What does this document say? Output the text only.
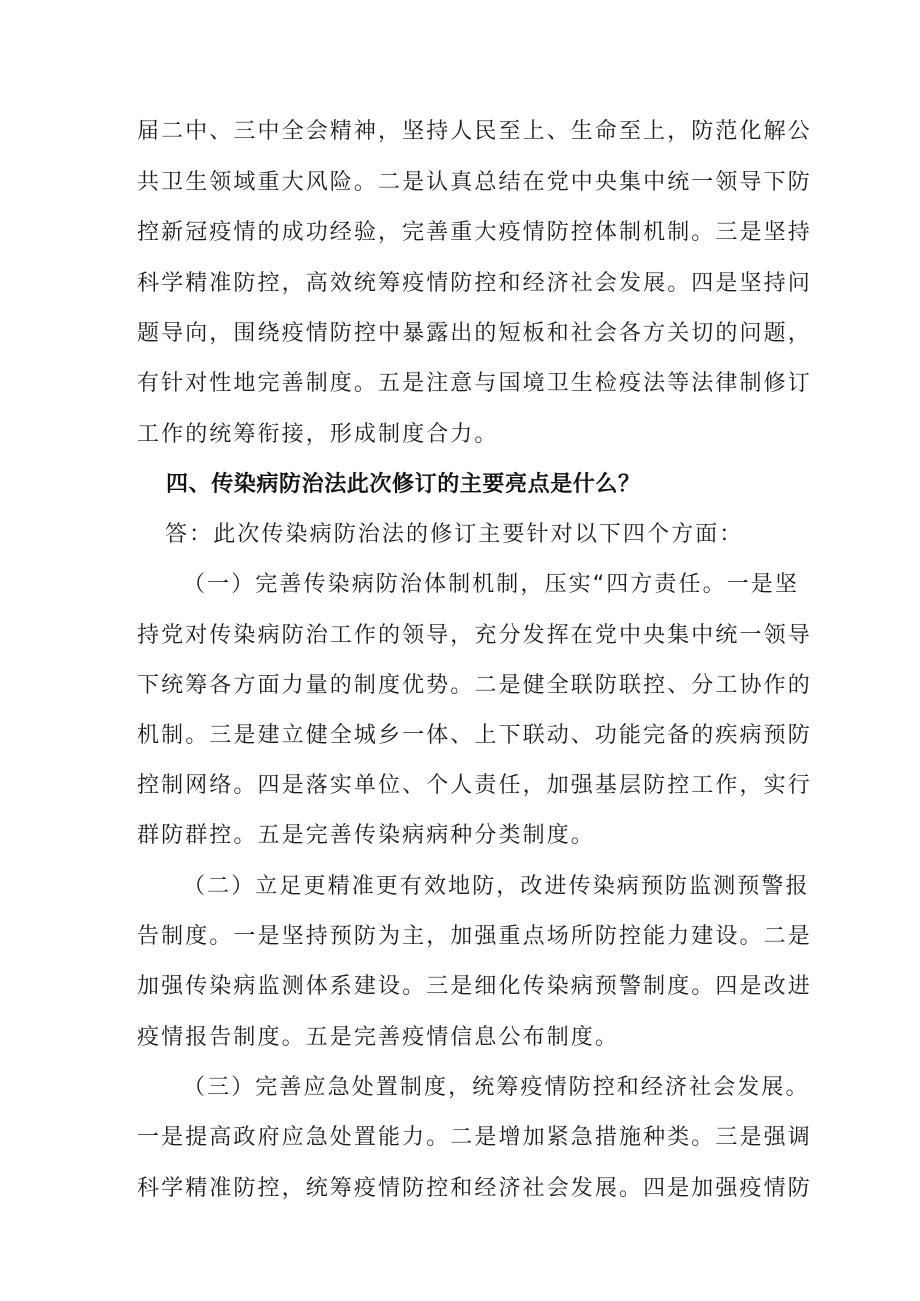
届二中、三中全会精神，坚持人民至上、生命至上，防范化解公

共卫生领域重大风险。二是认真总结在党中央集中统一领导下防

控新冠疫情的成功经验，完善重大疫情防控体制机制。三是坚持

科学精准防控，高效统筹疫情防控和经济社会发展。四是坚持问

题导向，围绕疫情防控中暴露出的短板和社会各方关切的问题，

有针对性地完善制度。五是注意与国境卫生检疫法等法律制修订

工作的统筹衔接，形成制度合力。

四、传染病防治法此次修订的主要亮点是什么？

答：此次传染病防治法的修订主要针对以下四个方面：

（一）完善传染病防治体制机制，压实“四方责任。一是坚

持党对传染病防治工作的领导，充分发挥在党中央集中统一领导

下统筹各方面力量的制度优势。二是健全联防联控、分工协作的

机制。三是建立健全城乡一体、上下联动、功能完备的疾病预防

控制网络。四是落实单位、个人责任，加强基层防控工作，实行

群防群控。五是完善传染病病种分类制度。

（二）立足更精准更有效地防，改进传染病预防监测预警报

告制度。一是坚持预防为主，加强重点场所防控能力建设。二是

加强传染病监测体系建设。三是细化传染病预警制度。四是改进

疫情报告制度。五是完善疫情信息公布制度。

（三）完善应急处置制度，统筹疫情防控和经济社会发展。

一是提高政府应急处置能力。二是增加紧急措施种类。三是强调

科学精准防控，统筹疫情防控和经济社会发展。四是加强疫情防
